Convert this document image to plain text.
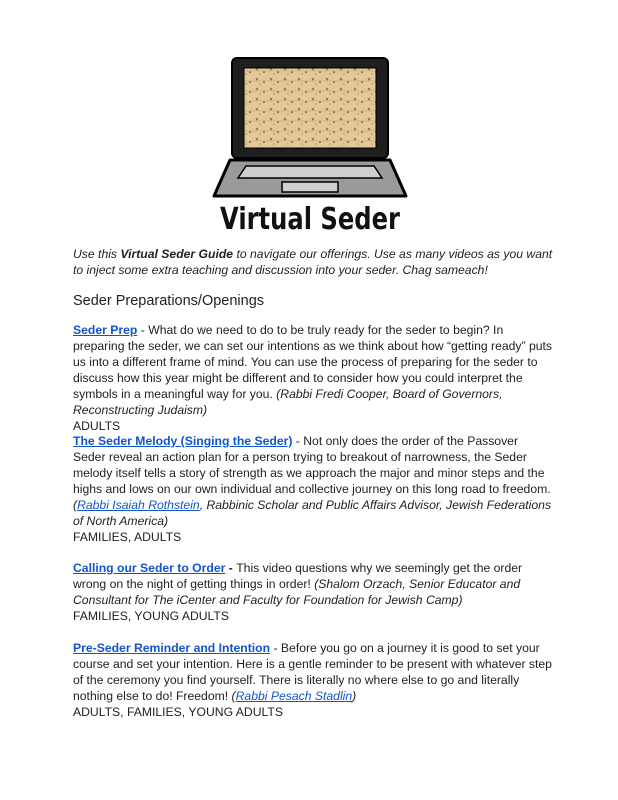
Virtual Seder

Use this Virtual Seder Guide to navigate our offerings. Use as many videos as you want to inject some extra teaching and discussion into your seder. Chag sameach!

Seder Preparations/Openings
Seder Prep - What do we need to do to be truly ready for the seder to begin? In preparing the seder, we can set our intentions as we think about how “getting ready” puts us into a different frame of mind. You can use the process of preparing for the seder to discuss how this year might be different and to consider how you could interpret the symbols in a meaningful way for you. (Rabbi Fredi Cooper, Board of Governors, Reconstructing Judaism)
ADULTS
The Seder Melody (Singing the Seder) - Not only does the order of the Passover Seder reveal an action plan for a person trying to breakout of narrowness, the Seder melody itself tells a story of strength as we approach the major and minor steps and the highs and lows on our own individual and collective journey on this long road to freedom. (Rabbi Isaiah Rothstein, Rabbinic Scholar and Public Affairs Advisor, Jewish Federations of North America)
FAMILIES, ADULTS
Calling our Seder to Order - This video questions why we seemingly get the order wrong on the night of getting things in order! (Shalom Orzach, Senior Educator and Consultant for The iCenter and Faculty for Foundation for Jewish Camp)
FAMILIES, YOUNG ADULTS
Pre-Seder Reminder and Intention - Before you go on a journey it is good to set your course and set your intention. Here is a gentle reminder to be present with whatever step of the ceremony you find yourself. There is literally no where else to go and literally nothing else to do! Freedom! (Rabbi Pesach Stadlin)
ADULTS, FAMILIES, YOUNG ADULTS
